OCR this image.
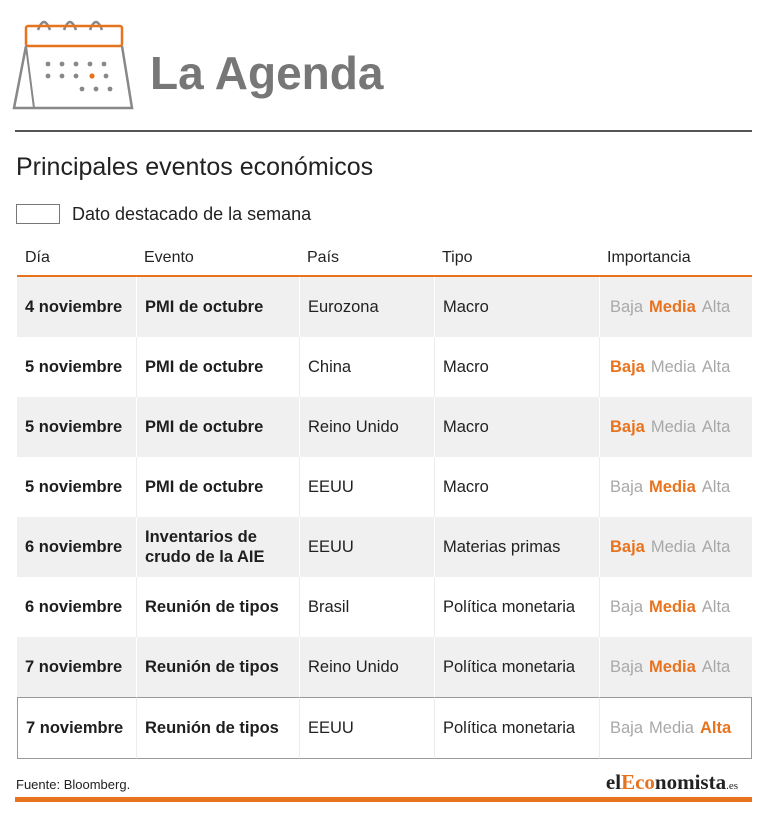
La Agenda
Principales eventos económicos
Dato destacado de la semana
Día	Evento	País	Tipo	Importancia
4 noviembre	PMI de octubre	Eurozona	Macro	Baja Media Alta
5 noviembre	PMI de octubre	China	Macro	Baja Media Alta
5 noviembre	PMI de octubre	Reino Unido	Macro	Baja Media Alta
5 noviembre	PMI de octubre	EEUU	Macro	Baja Media Alta
6 noviembre	Inventarios de crudo de la AIE	EEUU	Materias primas	Baja Media Alta
6 noviembre	Reunión de tipos	Brasil	Política monetaria	Baja Media Alta
7 noviembre	Reunión de tipos	Reino Unido	Política monetaria	Baja Media Alta
7 noviembre	Reunión de tipos	EEUU	Política monetaria	Baja Media Alta
Fuente: Bloomberg.	elEconomista.es
